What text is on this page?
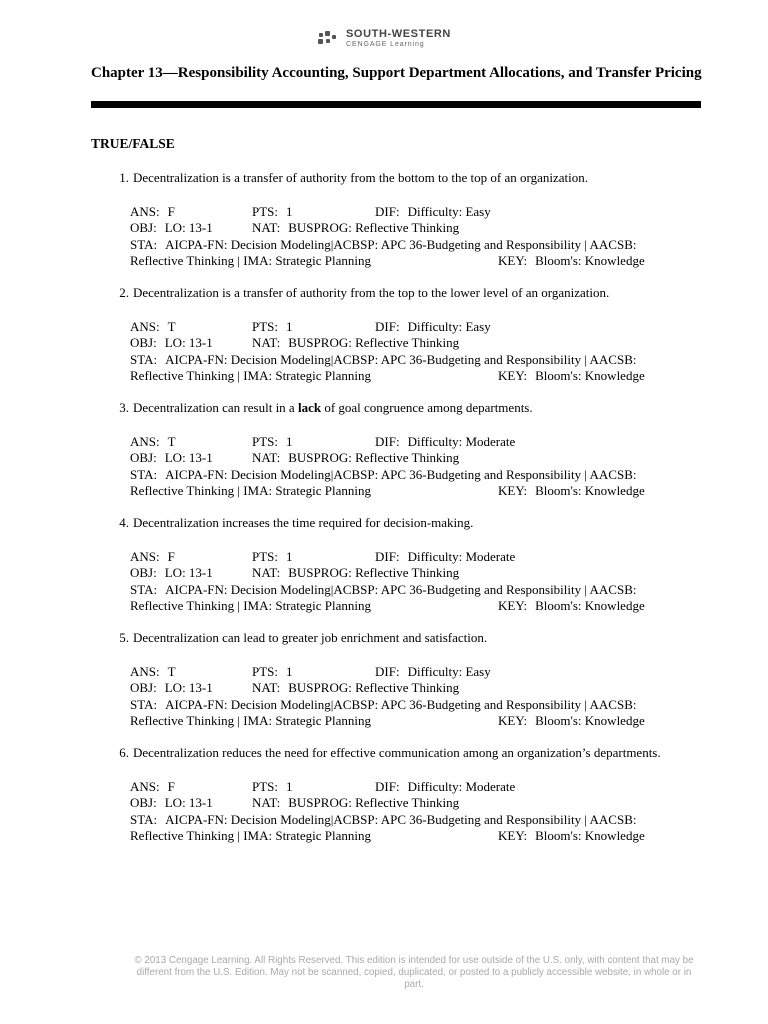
SOUTH-WESTERN
CENGAGE Learning
Chapter 13—Responsibility Accounting, Support Department Allocations, and Transfer Pricing
TRUE/FALSE
1. Decentralization is a transfer of authority from the bottom to the top of an organization.
ANS: F	PTS: 1	DIF: Difficulty: Easy
OBJ: LO: 13-1	NAT: BUSPROG: Reflective Thinking
STA: AICPA-FN: Decision Modeling|ACBSP: APC 36-Budgeting and Responsibility | AACSB:
Reflective Thinking | IMA: Strategic Planning	KEY: Bloom's: Knowledge
2. Decentralization is a transfer of authority from the top to the lower level of an organization.
ANS: T	PTS: 1	DIF: Difficulty: Easy
OBJ: LO: 13-1	NAT: BUSPROG: Reflective Thinking
STA: AICPA-FN: Decision Modeling|ACBSP: APC 36-Budgeting and Responsibility | AACSB:
Reflective Thinking | IMA: Strategic Planning	KEY: Bloom's: Knowledge
3. Decentralization can result in a lack of goal congruence among departments.
ANS: T	PTS: 1	DIF: Difficulty: Moderate
OBJ: LO: 13-1	NAT: BUSPROG: Reflective Thinking
STA: AICPA-FN: Decision Modeling|ACBSP: APC 36-Budgeting and Responsibility | AACSB:
Reflective Thinking | IMA: Strategic Planning	KEY: Bloom's: Knowledge
4. Decentralization increases the time required for decision-making.
ANS: F	PTS: 1	DIF: Difficulty: Moderate
OBJ: LO: 13-1	NAT: BUSPROG: Reflective Thinking
STA: AICPA-FN: Decision Modeling|ACBSP: APC 36-Budgeting and Responsibility | AACSB:
Reflective Thinking | IMA: Strategic Planning	KEY: Bloom's: Knowledge
5. Decentralization can lead to greater job enrichment and satisfaction.
ANS: T	PTS: 1	DIF: Difficulty: Easy
OBJ: LO: 13-1	NAT: BUSPROG: Reflective Thinking
STA: AICPA-FN: Decision Modeling|ACBSP: APC 36-Budgeting and Responsibility | AACSB:
Reflective Thinking | IMA: Strategic Planning	KEY: Bloom's: Knowledge
6. Decentralization reduces the need for effective communication among an organization’s departments.
ANS: F	PTS: 1	DIF: Difficulty: Moderate
OBJ: LO: 13-1	NAT: BUSPROG: Reflective Thinking
STA: AICPA-FN: Decision Modeling|ACBSP: APC 36-Budgeting and Responsibility | AACSB:
Reflective Thinking | IMA: Strategic Planning	KEY: Bloom's: Knowledge
© 2013 Cengage Learning. All Rights Reserved. This edition is intended for use outside of the U.S. only, with content that may be different from the U.S. Edition. May not be scanned, copied, duplicated, or posted to a publicly accessible website, in whole or in part.
